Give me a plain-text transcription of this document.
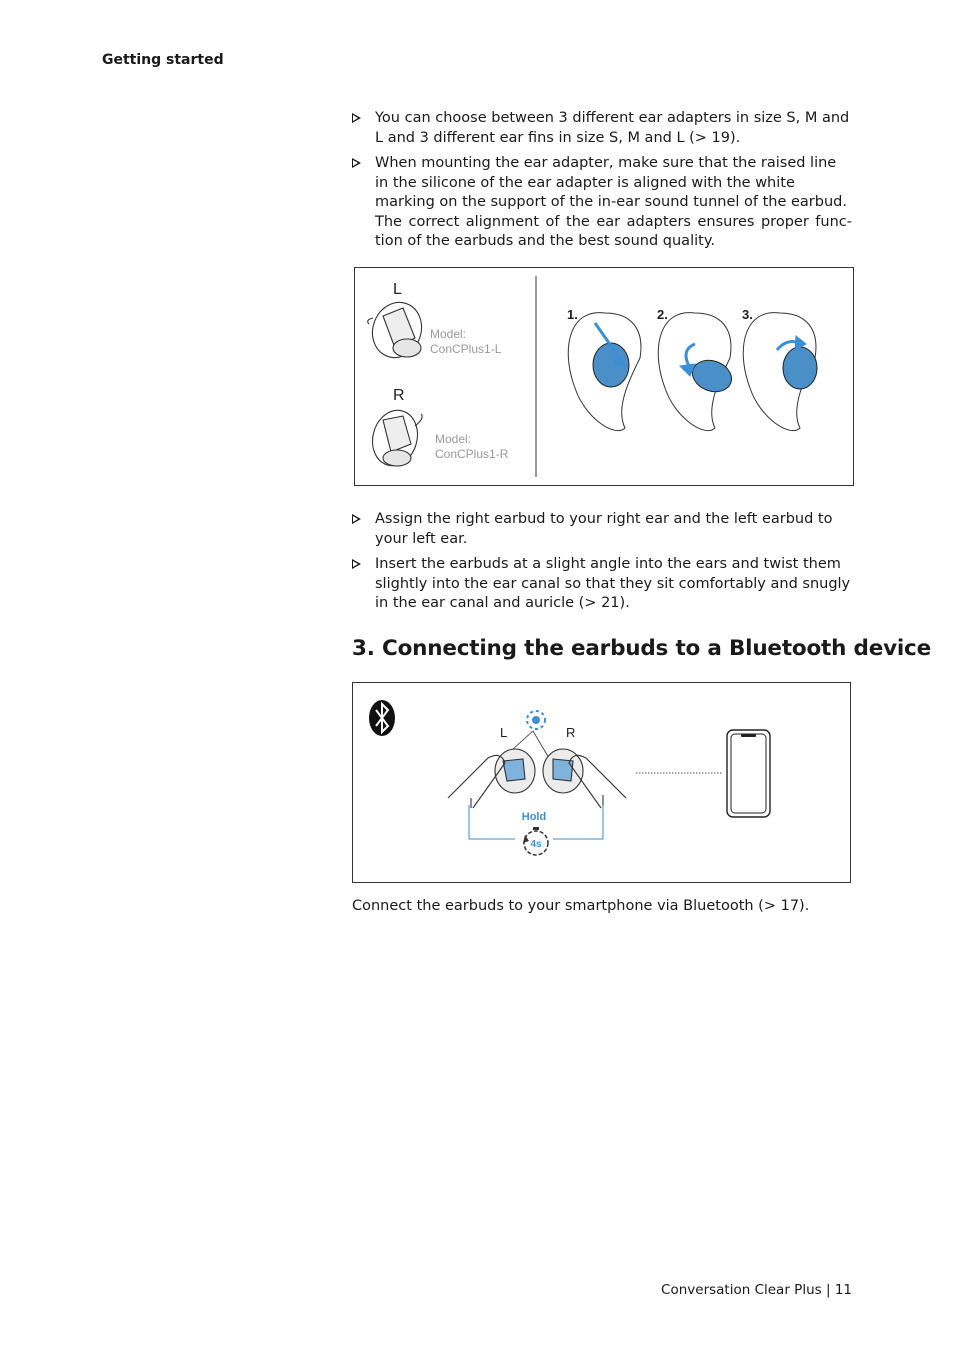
Getting started
You can choose between 3 different ear adapters in size S, M and L and 3 different ear fins in size S, M and L (> 19).
When mounting the ear adapter, make sure that the raised line in the silicone of the ear adapter is aligned with the white marking on the support of the in-ear sound tunnel of the earbud.
The correct alignment of the ear adapters ensures proper func- tion of the earbuds and the best sound quality.
L
Model:
ConCPlus1-L
R
Model:
ConCPlus1-R
1.	2.	3.
Assign the right earbud to your right ear and the left earbud to your left ear.
Insert the earbuds at a slight angle into the ears and twist them slightly into the ear canal so that they sit comfortably and snugly in the ear canal and auricle (> 21).
3. Connecting the earbuds to a Bluetooth device
L	R
Hold
4s
Connect the earbuds to your smartphone via Bluetooth (> 17).
Conversation Clear Plus | 11
